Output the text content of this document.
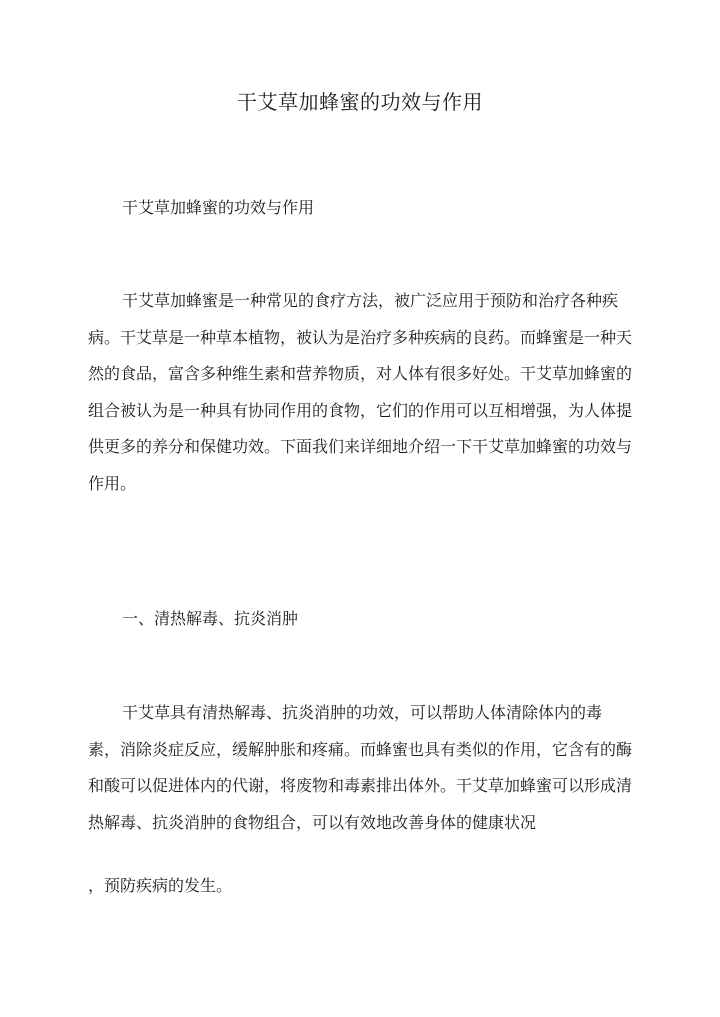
干艾草加蜂蜜的功效与作用

干艾草加蜂蜜的功效与作用

干艾草加蜂蜜是一种常见的食疗方法，被广泛应用于预防和治疗各种疾病。干艾草是一种草本植物，被认为是治疗多种疾病的良药。而蜂蜜是一种天然的食品，富含多种维生素和营养物质，对人体有很多好处。干艾草加蜂蜜的组合被认为是一种具有协同作用的食物，它们的作用可以互相增强，为人体提供更多的养分和保健功效。下面我们来详细地介绍一下干艾草加蜂蜜的功效与作用。

一、清热解毒、抗炎消肿

干艾草具有清热解毒、抗炎消肿的功效，可以帮助人体清除体内的毒素，消除炎症反应，缓解肿胀和疼痛。而蜂蜜也具有类似的作用，它含有的酶和酸可以促进体内的代谢，将废物和毒素排出体外。干艾草加蜂蜜可以形成清热解毒、抗炎消肿的食物组合，可以有效地改善身体的健康状况

，预防疾病的发生。
